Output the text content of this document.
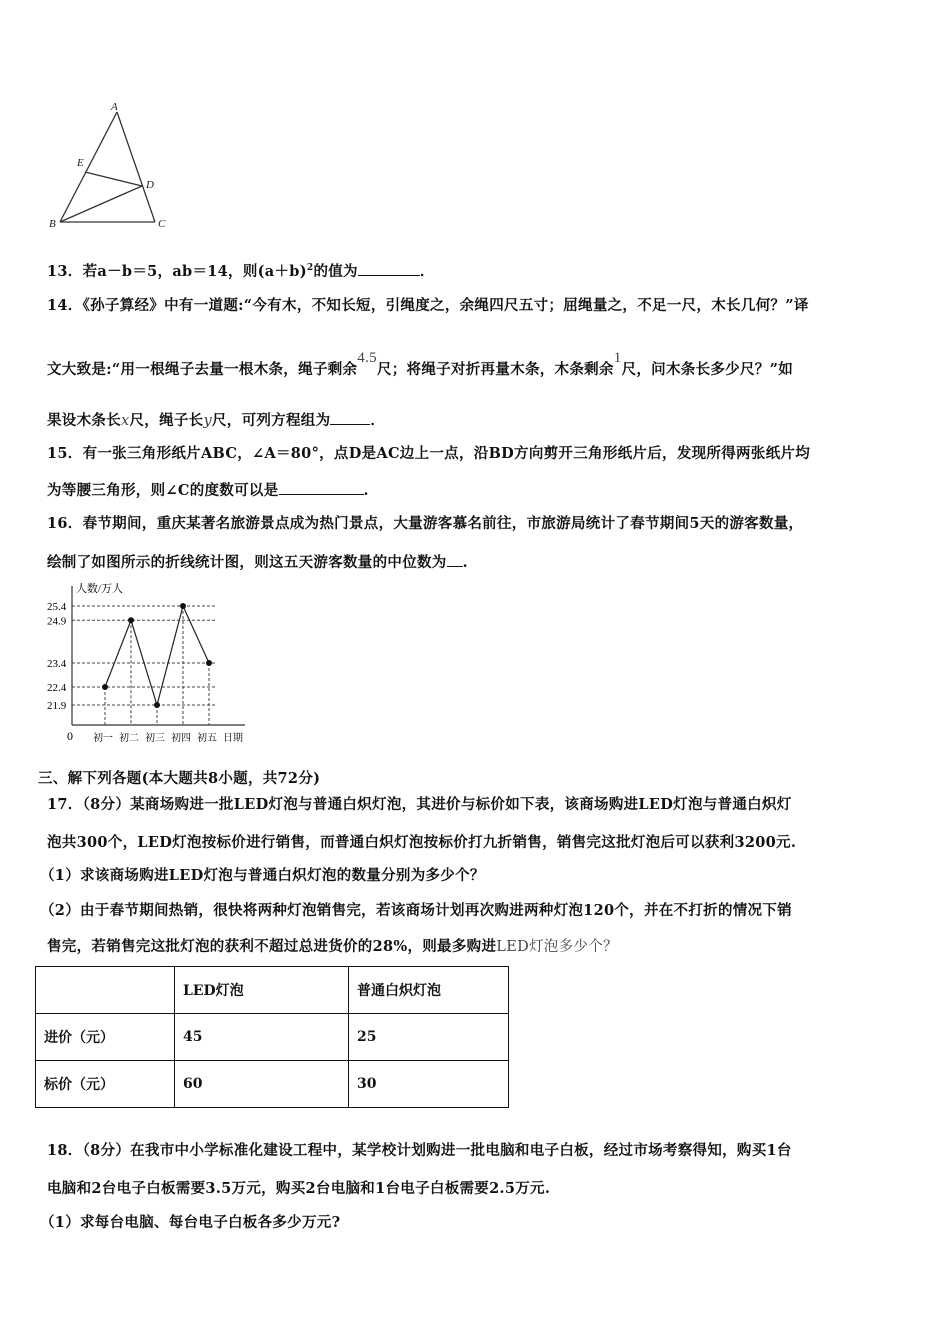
A
E
D
B	C
13．若a－b＝5，ab＝14，则$(a+b)^2$的值为	．
14．《孙子算经》中有一道题:“今有木，不知长短，引绳度之，余绳四尺五寸；屈绳量之，不足一尺，木长几何？”译
文大致是:“用一根绳子去量一根木条，绳子剩余4.5尺；将绳子对折再量木条，木条剩余1尺，问木条长多少尺？”如
果设木条长x尺，绳子长y尺，可列方程组为	．
15．有一张三角形纸片ABC，∠A＝80°，点D是AC边上一点，沿BD方向剪开三角形纸片后，发现所得两张纸片均
为等腰三角形，则∠C的度数可以是	.
16．春节期间，重庆某著名旅游景点成为热门景点，大量游客慕名前往，市旅游局统计了春节期间5天的游客数量，
绘制了如图所示的折线统计图，则这五天游客数量的中位数为 .
人数/万人
日期
0
25.4
24.9
23.4
22.4
21.9
初一 初二 初三 初四 初五
三、解下列各题(本大题共8小题，共72分)
17．（8分）某商场购进一批LED灯泡与普通白炽灯泡，其进价与标价如下表，该商场购进LED灯泡与普通白炽灯
泡共300个，LED灯泡按标价进行销售，而普通白炽灯泡按标价打九折销售，销售完这批灯泡后可以获利3200元.
（1）求该商场购进LED灯泡与普通白炽灯泡的数量分别为多少个？
（2）由于春节期间热销，很快将两种灯泡销售完，若该商场计划再次购进两种灯泡120个，并在不打折的情况下销
售完，若销售完这批灯泡的获利不超过总进货价的28%，则最多购进LED灯泡多少个？
	LED灯泡	普通白炽灯泡
进价（元）	45	25
标价（元）	60	30
18．（8分）在我市中小学标准化建设工程中，某学校计划购进一批电脑和电子白板，经过市场考察得知，购买1台
电脑和2台电子白板需要3.5万元，购买2台电脑和1台电子白板需要2.5万元.
（1）求每台电脑、每台电子白板各多少万元?
